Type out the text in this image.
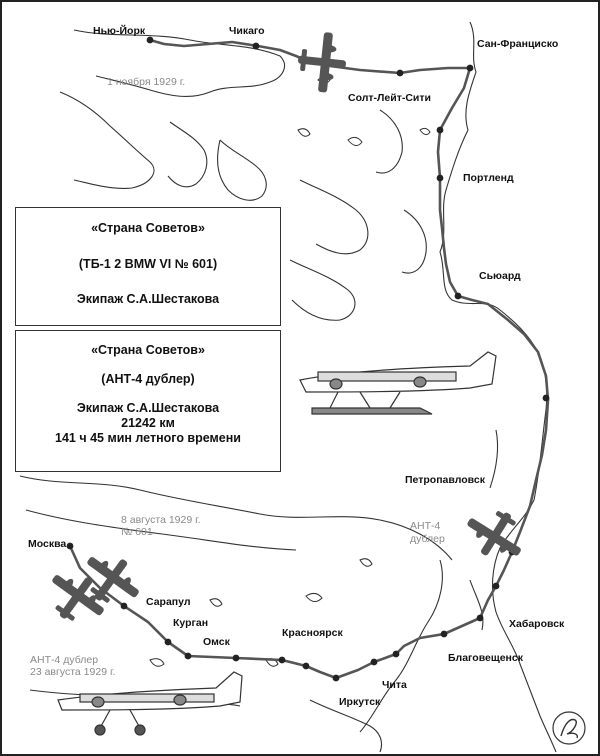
Нью-Йорк	Чикаго
Сан-Франциско
Солт-Лейт-Сити
Портленд
Сьюард
Петропавловск
Хабаровск
Благовещенск
Чита
Иркутск
Красноярск
Омск
Курган
Сарапул
Москва
1 ноября 1929 г.
8 августа 1929 г.
№ 601	АНТ-4
дублер
АНТ-4 дублер
23 августа 1929 г.
«Страна Советов»
(ТБ-1 2 BMW VI № 601)
Экипаж С.А.Шестакова
«Страна Советов»
(АНТ-4 дублер)
Экипаж С.А.Шестакова
21242 км
141 ч 45 мин летного времени
